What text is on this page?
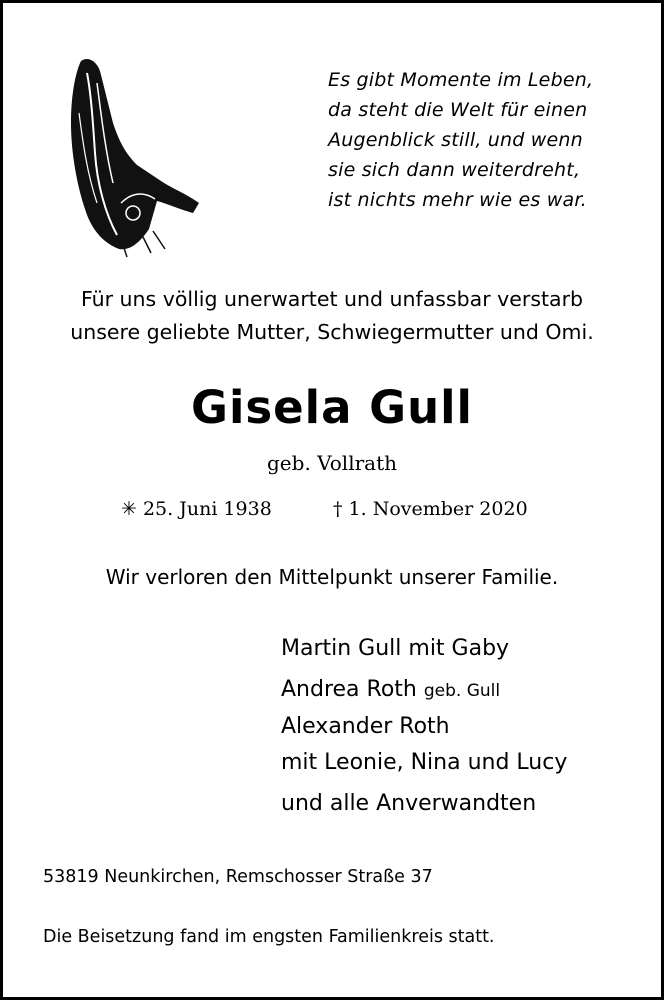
Es gibt Momente im Leben,
da steht die Welt für einen
Augenblick still, und wenn
sie sich dann weiterdreht,
ist nichts mehr wie es war.
Für uns völlig unerwartet und unfassbar verstarb
unsere geliebte Mutter, Schwiegermutter und Omi.
Gisela Gull
geb. Vollrath
✳ 25. Juni 1938	† 1. November 2020
Wir verloren den Mittelpunkt unserer Familie.
Martin Gull mit Gaby
Andrea Roth geb. Gull
Alexander Roth
mit Leonie, Nina und Lucy
und alle Anverwandten
53819 Neunkirchen, Remschosser Straße 37
Die Beisetzung fand im engsten Familienkreis statt.
